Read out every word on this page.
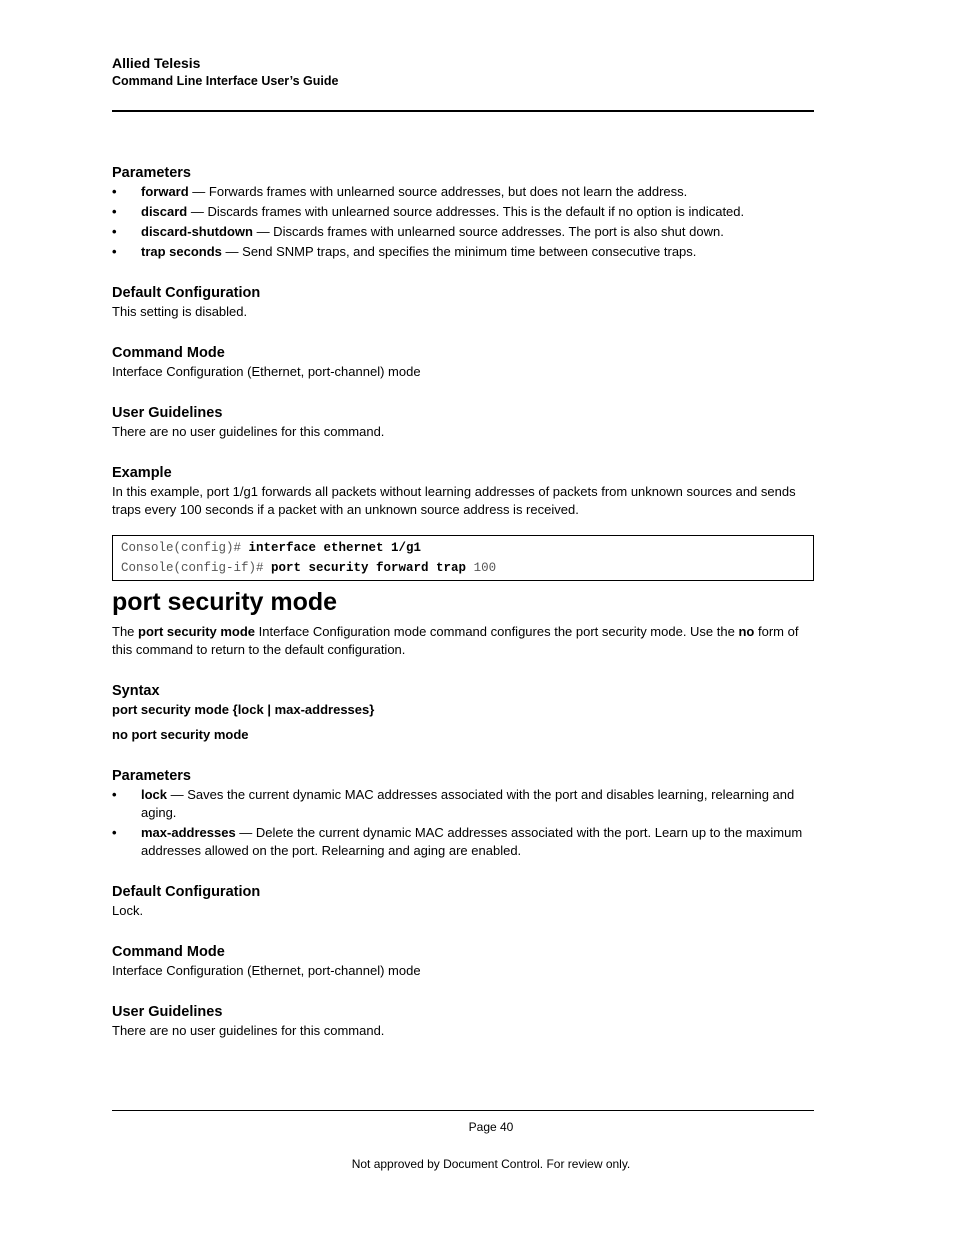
Allied Telesis
Command Line Interface User’s Guide
Parameters
• forward — Forwards frames with unlearned source addresses, but does not learn the address.
• discard — Discards frames with unlearned source addresses. This is the default if no option is indicated.
• discard-shutdown — Discards frames with unlearned source addresses. The port is also shut down.
• trap seconds — Send SNMP traps, and specifies the minimum time between consecutive traps.
Default Configuration

This setting is disabled.

Command Mode

Interface Configuration (Ethernet, port-channel) mode

User Guidelines

There are no user guidelines for this command.

Example

In this example, port 1/g1 forwards all packets without learning addresses of packets from unknown sources and sends traps every 100 seconds if a packet with an unknown source address is received.

Console(config)# interface ethernet 1/g1
Console(config-if)# port security forward trap 100
port security mode

The port security mode Interface Configuration mode command configures the port security mode. Use the no form of this command to return to the default configuration.

Syntax

port security mode {lock | max-addresses}

no port security mode

Parameters
• lock — Saves the current dynamic MAC addresses associated with the port and disables learning, relearning and aging.
• max-addresses — Delete the current dynamic MAC addresses associated with the port. Learn up to the maximum addresses allowed on the port. Relearning and aging are enabled.
Default Configuration

Lock.

Command Mode

Interface Configuration (Ethernet, port-channel) mode

User Guidelines

There are no user guidelines for this command.

Page 40
Not approved by Document Control. For review only.
